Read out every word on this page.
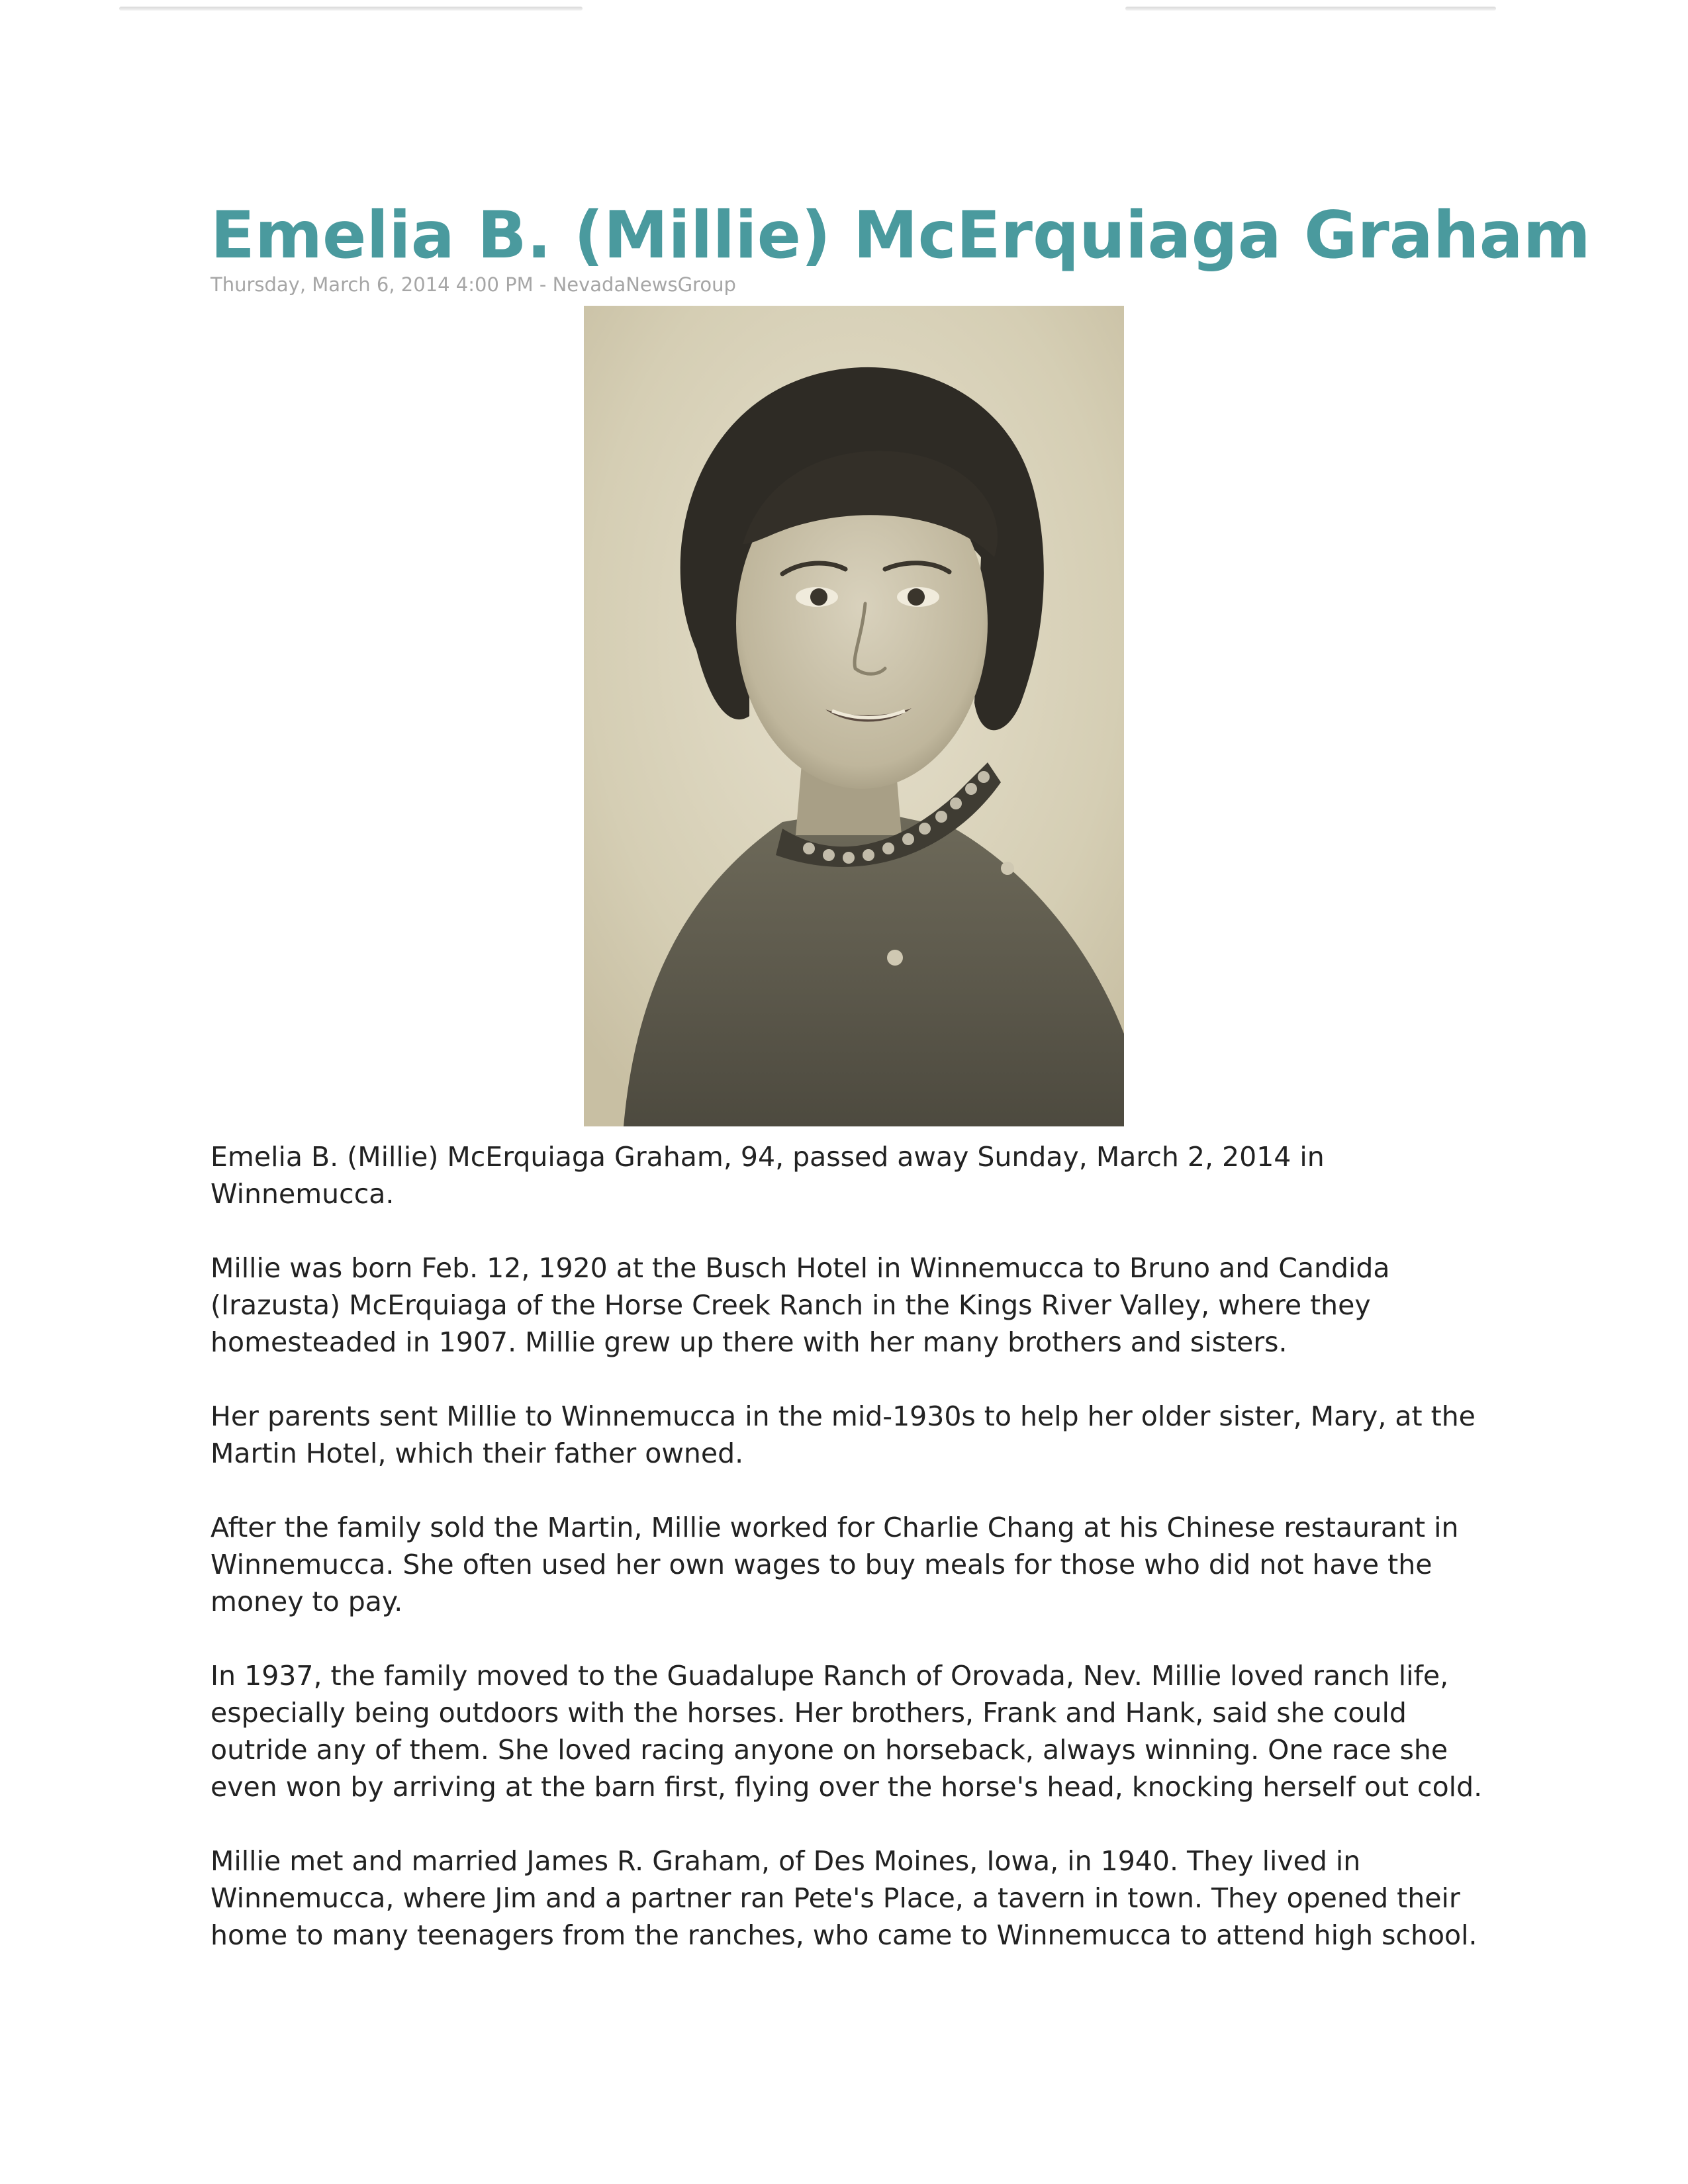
Emelia B. (Millie) McErquiaga Graham

Thursday, March 6, 2014 4:00 PM - NevadaNewsGroup

Emelia B. (Millie) McErquiaga Graham, 94, passed away Sunday, March 2, 2014 in Winnemucca.

Millie was born Feb. 12, 1920 at the Busch Hotel in Winnemucca to Bruno and Candida (Irazusta) McErquiaga of the Horse Creek Ranch in the Kings River Valley, where they homesteaded in 1907. Millie grew up there with her many brothers and sisters.

Her parents sent Millie to Winnemucca in the mid-1930s to help her older sister, Mary, at the Martin Hotel, which their father owned.

After the family sold the Martin, Millie worked for Charlie Chang at his Chinese restaurant in Winnemucca. She often used her own wages to buy meals for those who did not have the money to pay.

In 1937, the family moved to the Guadalupe Ranch of Orovada, Nev. Millie loved ranch life, especially being outdoors with the horses. Her brothers, Frank and Hank, said she could outride any of them. She loved racing anyone on horseback, always winning. One race she even won by arriving at the barn first, flying over the horse's head, knocking herself out cold.

Millie met and married James R. Graham, of Des Moines, Iowa, in 1940. They lived in Winnemucca, where Jim and a partner ran Pete's Place, a tavern in town. They opened their home to many teenagers from the ranches, who came to Winnemucca to attend high school.
